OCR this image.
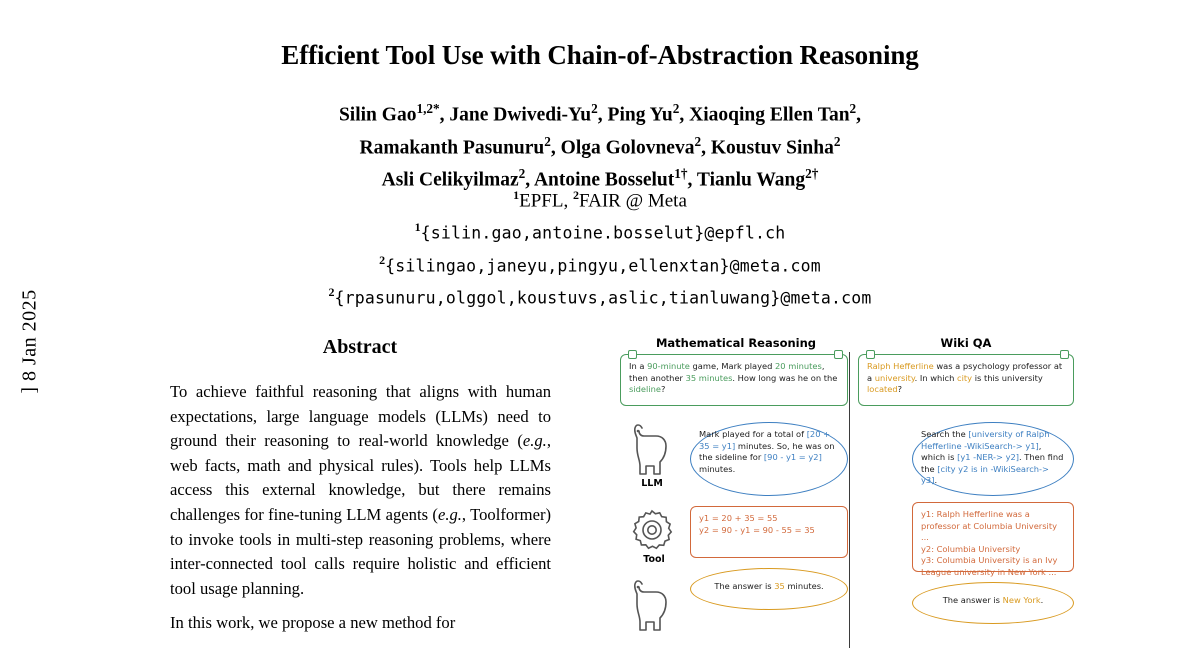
] 8 Jan 2025
Efficient Tool Use with Chain-of-Abstraction Reasoning
Silin Gao$^{1,2*}$, Jane Dwivedi-Yu$^2$, Ping Yu$^2$, Xiaoqing Ellen Tan$^2$,
Ramakanth Pasunuru$^2$, Olga Golovneva$^2$, Koustuv Sinha$^2$
Asli Celikyilmaz$^2$, Antoine Bosselut$^{1\dagger}$, Tianlu Wang$^{2\dagger}$
$^1$EPFL, $^2$FAIR @ Meta
$^1${silin.gao,antoine.bosselut}@epfl.ch
$^2${silingao,janeyu,pingyu,ellenxtan}@meta.com
$^2${rpasunuru,olggol,koustuvs,aslic,tianluwang}@meta.com
Abstract

To achieve faithful reasoning that aligns with human expectations, large language models (LLMs) need to ground their reasoning to real-world knowledge (e.g., web facts, math and physical rules). Tools help LLMs access this external knowledge, but there remains challenges for fine-tuning LLM agents (e.g., Toolformer) to invoke tools in multi-step reasoning problems, where inter-connected tool calls require holistic and efficient tool usage planning.

In this work, we propose a new method for

Mathematical Reasoning	Wiki QA
In a 90-minute game, Mark played 20 minutes, then another 35 minutes. How long was he on the sideline?
Ralph Hefferline was a psychology professor at a university. In which city is this university located?
LLM
Tool
Mark played for a total of [20 + 35 = y1] minutes. So, he was on the sideline for [90 - y1 = y2] minutes.
Search the [university of Ralph Hefferline -WikiSearch-> y1], which is [y1 -NER-> y2]. Then find the [city y2 is in -WikiSearch-> y3].
y1 = 20 + 35 = 55
y2 = 90 - y1 = 90 - 55 = 35
y1: Ralph Hefferline was a professor at Columbia University ...
y2: Columbia University
y3: Columbia University is an Ivy League university in New York ...
The answer is 35 minutes.
The answer is New York.
